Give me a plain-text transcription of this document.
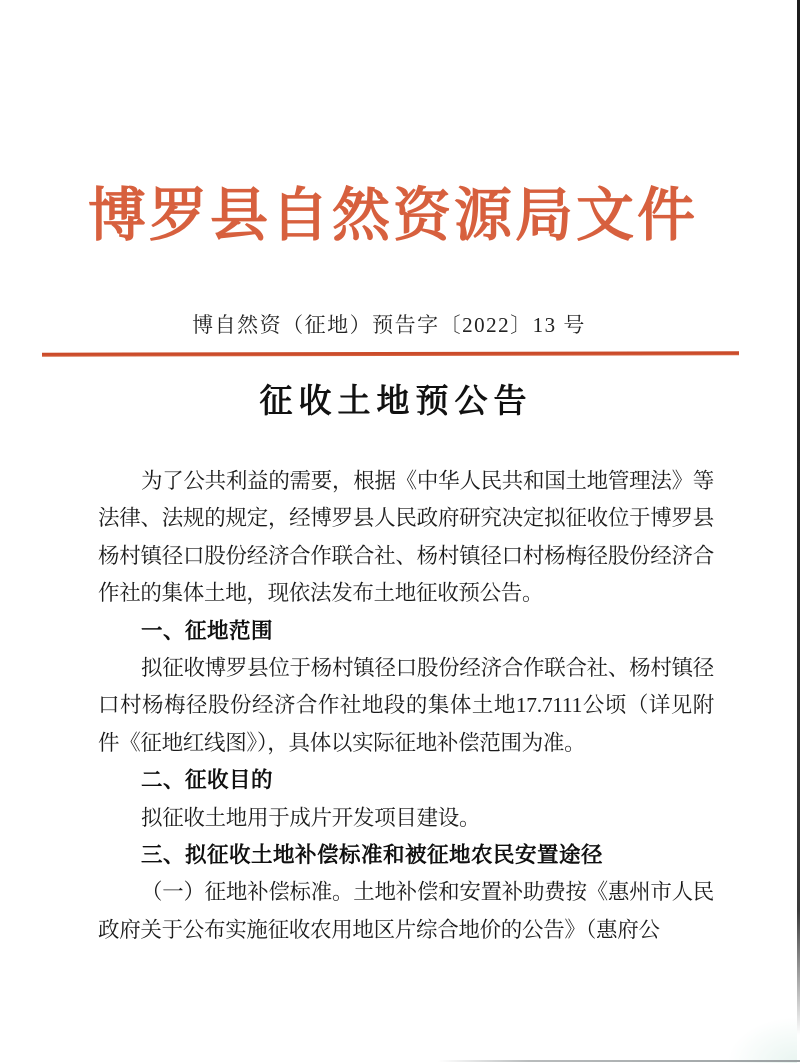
博罗县自然资源局文件
博自然资（征地）预告字〔2022〕13 号
征收土地预公告

为了公共利益的需要，根据《中华人民共和国土地管理法》等法律、法规的规定，经博罗县人民政府研究决定拟征收位于博罗县杨村镇径口股份经济合作联合社、杨村镇径口村杨梅径股份经济合作社的集体土地，现依法发布土地征收预公告。

一、征地范围

拟征收博罗县位于杨村镇径口股份经济合作联合社、杨村镇径口村杨梅径股份经济合作社地段的集体土地17.7111公顷（详见附件《征地红线图》），具体以实际征地补偿范围为准。

二、征收目的

拟征收土地用于成片开发项目建设。

三、拟征收土地补偿标准和被征地农民安置途径

（一）征地补偿标准。土地补偿和安置补助费按《惠州市人民政府关于公布实施征收农用地区片综合地价的公告》（惠府公
